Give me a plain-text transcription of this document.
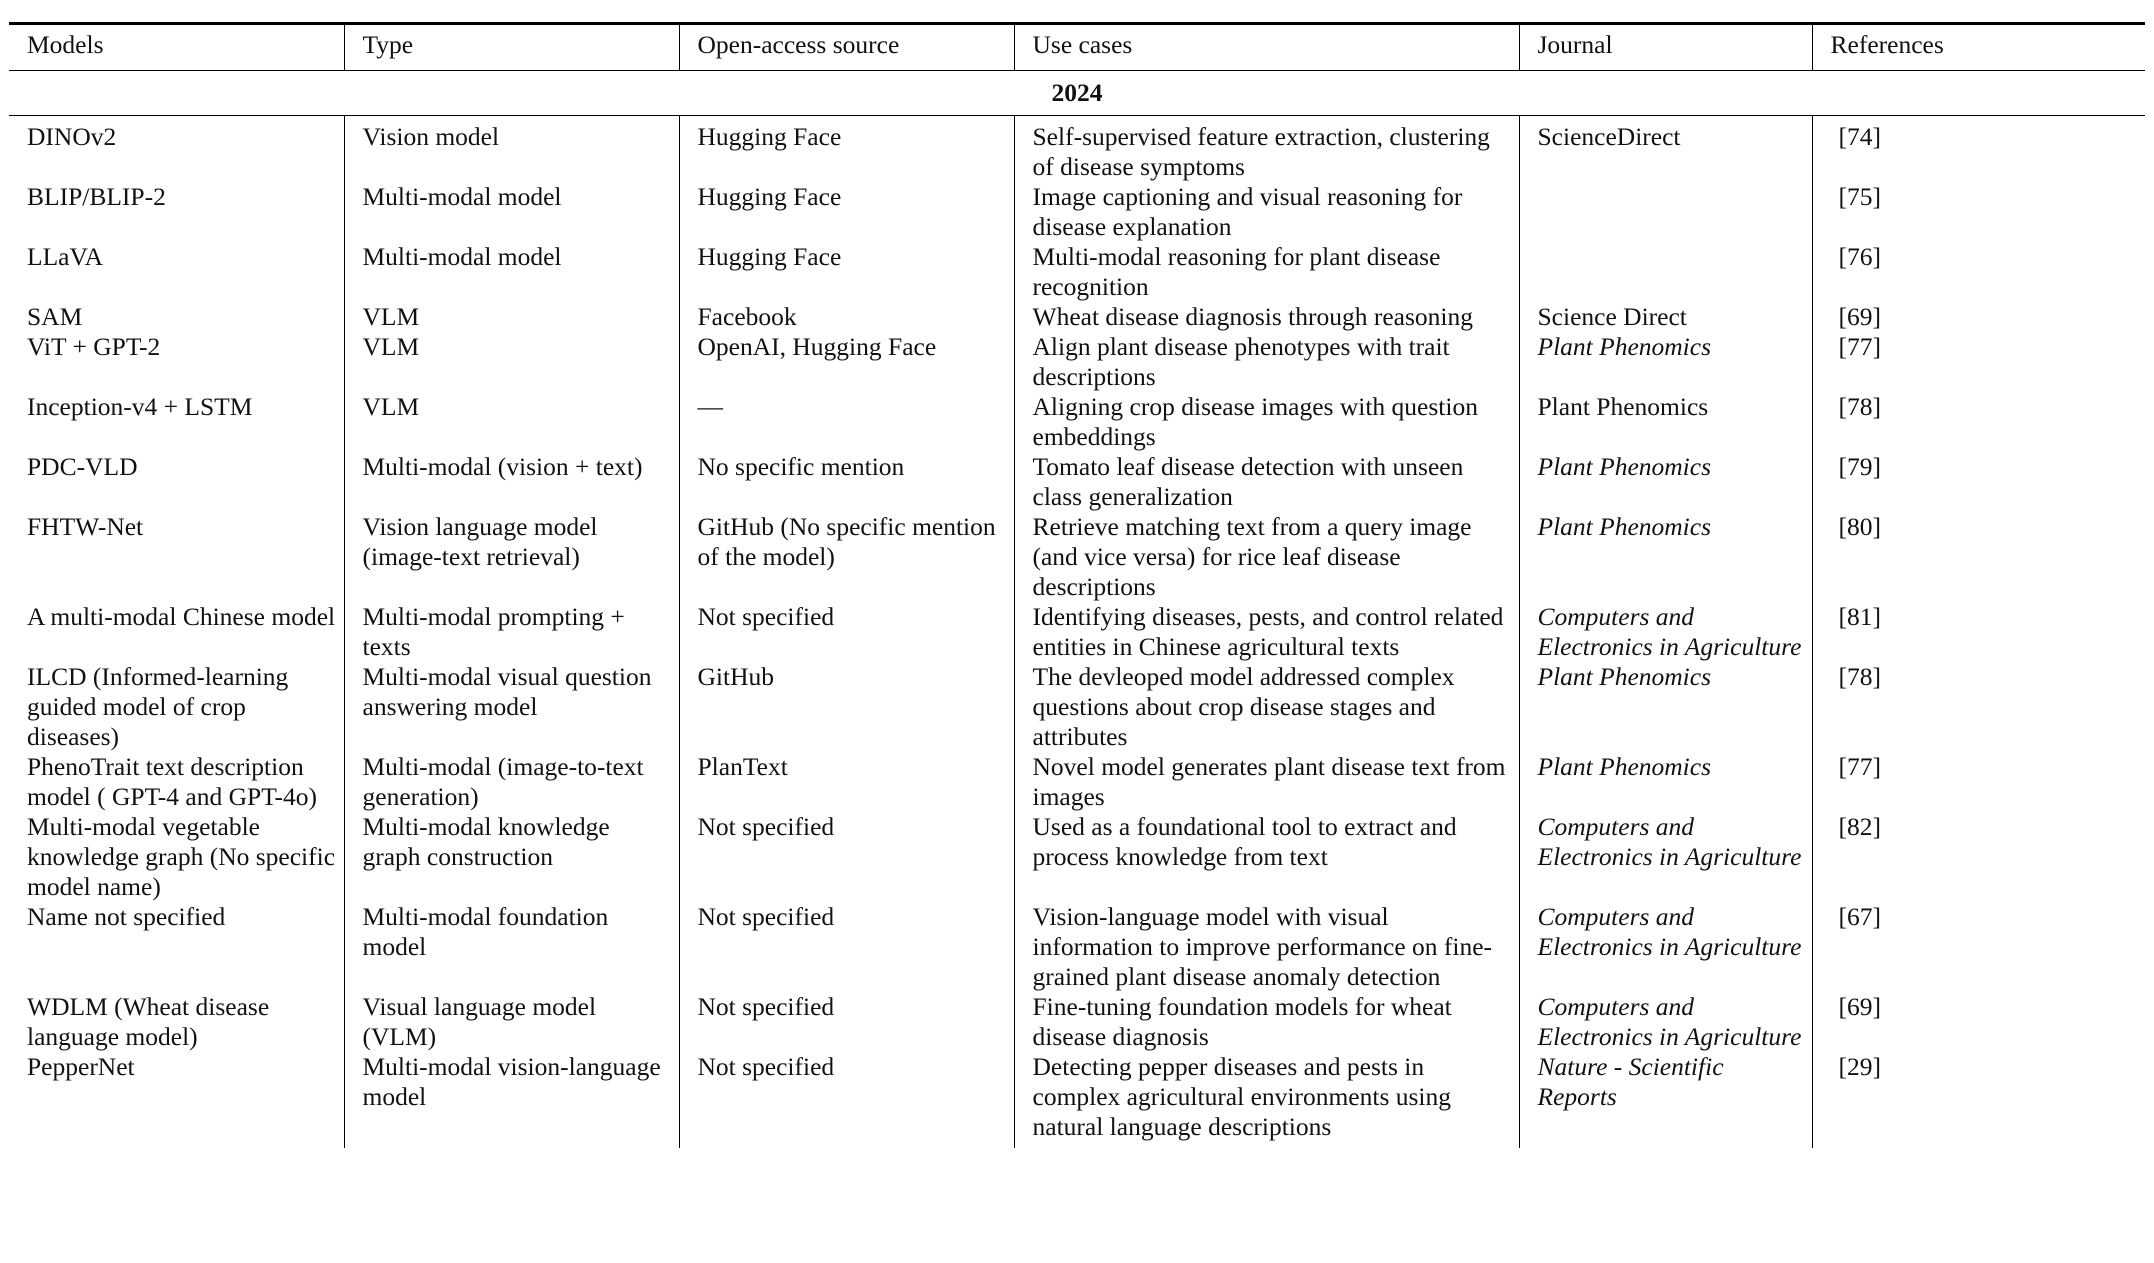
Models	Type	Open-access source	Use cases	Journal	References
2024					
DINOv2	Vision model	Hugging Face	Self-supervised feature extraction, clustering of disease symptoms	ScienceDirect	[74]
BLIP/BLIP-2	Multi-modal model	Hugging Face	Image captioning and visual reasoning for disease explanation		[75]
LLaVA	Multi-modal model	Hugging Face	Multi-modal reasoning for plant disease recognition		[76]
SAM	VLM	Facebook	Wheat disease diagnosis through reasoning	Science Direct	[69]
ViT + GPT-2	VLM	OpenAI, Hugging Face	Align plant disease phenotypes with trait descriptions	Plant Phenomics	[77]
Inception-v4 + LSTM	VLM	—	Aligning crop disease images with question embeddings	Plant Phenomics	[78]
PDC-VLD	Multi-modal (vision + text)	No specific mention	Tomato leaf disease detection with unseen class generalization	Plant Phenomics	[79]
FHTW-Net	Vision language model (image-text retrieval)	GitHub (No specific mention of the model)	Retrieve matching text from a query image (and vice versa) for rice leaf disease descriptions	Plant Phenomics	[80]
A multi-modal Chinese model	Multi-modal prompting + texts	Not specified	Identifying diseases, pests, and control related entities in Chinese agricultural texts	Computers and Electronics in Agriculture	[81]
ILCD (Informed-learning guided model of crop diseases)	Multi-modal visual question answering model	GitHub	The devleoped model addressed complex questions about crop disease stages and attributes	Plant Phenomics	[78]
PhenoTrait text description model ( GPT-4 and GPT-4o)	Multi-modal (image-to-text generation)	PlanText	Novel model generates plant disease text from images	Plant Phenomics	[77]
Multi-modal vegetable knowledge graph (No specific model name)	Multi-modal knowledge graph construction	Not specified	Used as a foundational tool to extract and process knowledge from text	Computers and Electronics in Agriculture	[82]
Name not specified	Multi-modal foundation model	Not specified	Vision-language model with visual information to improve performance on fine-grained plant disease anomaly detection	Computers and Electronics in Agriculture	[67]
WDLM (Wheat disease language model)	Visual language model (VLM)	Not specified	Fine-tuning foundation models for wheat disease diagnosis	Computers and Electronics in Agriculture	[69]
PepperNet	Multi-modal vision-language model	Not specified	Detecting pepper diseases and pests in complex agricultural environments using natural language descriptions	Nature - Scientific Reports	[29]
